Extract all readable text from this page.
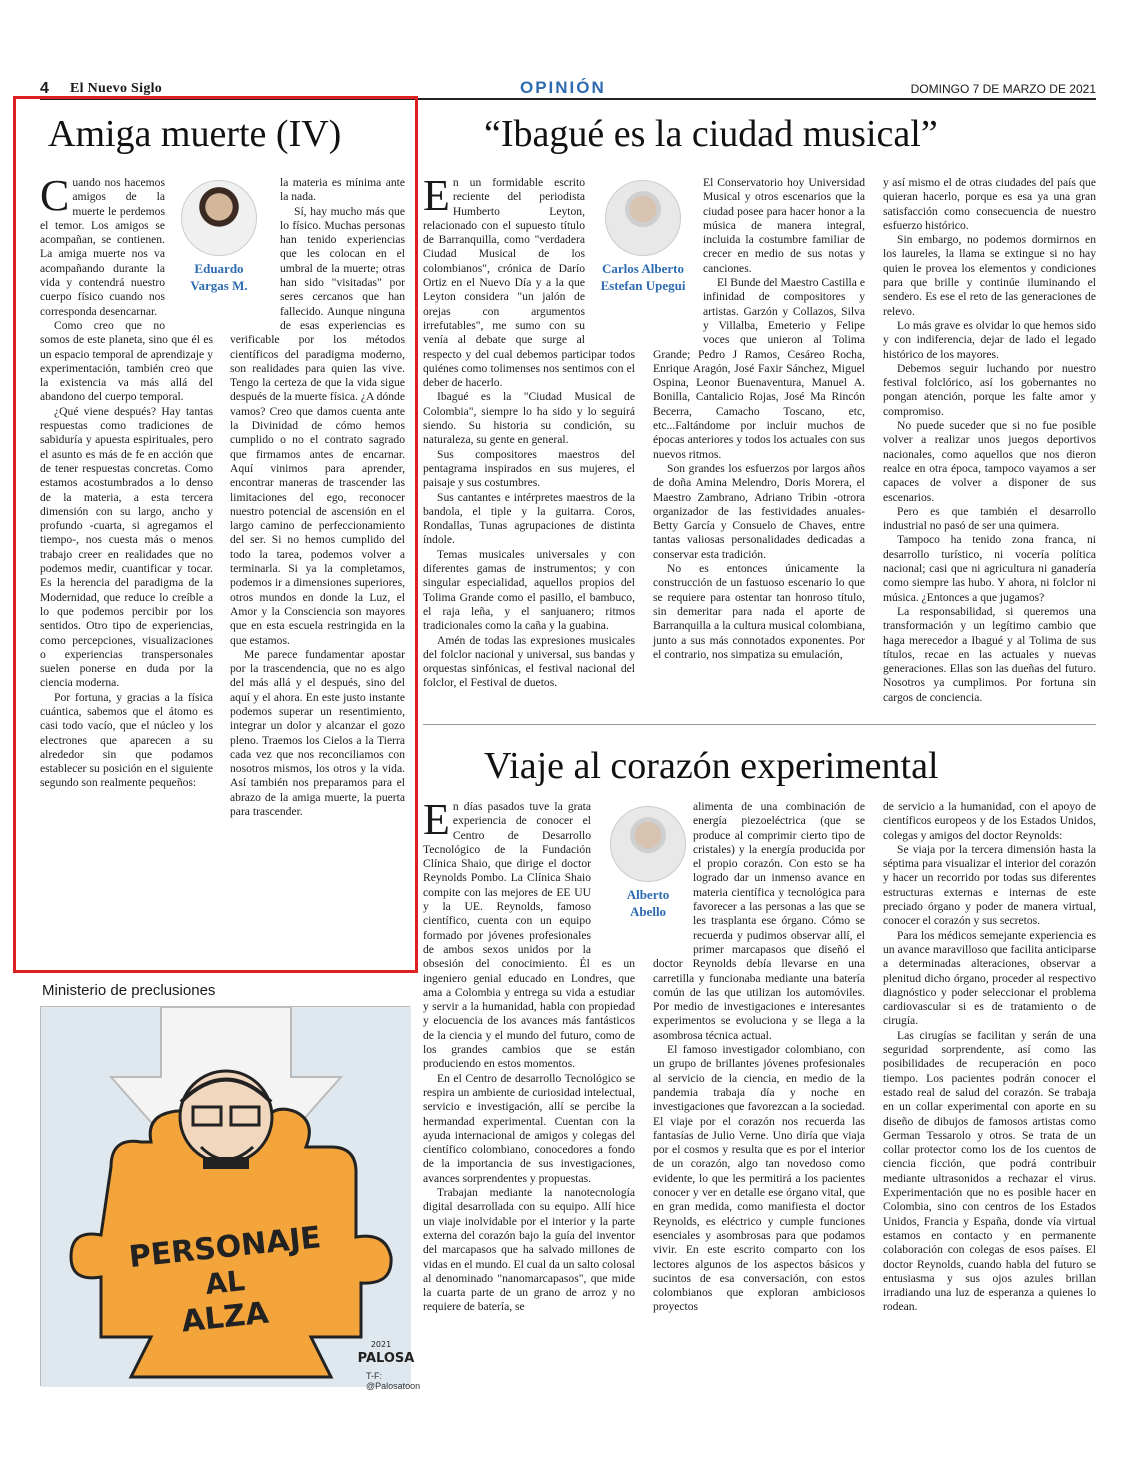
4 El Nuevo Siglo	OPINIÓN	DOMINGO 7 DE MARZO DE 2021
Amiga muerte (IV)
Eduardo Vargas M.

Cuando nos hacemos amigos de la muerte le perdemos el temor. Los amigos se acompañan, se contienen. La amiga muerte nos va acompañando durante la vida y contendrá nuestro cuerpo físico cuando nos corresponda desencarnar.

Como creo que no somos de este planeta, sino que él es un espacio temporal de aprendizaje y experimentación, también creo que la existencia va más allá del abandono del cuerpo temporal.

¿Qué viene después? Hay tantas respuestas como tradiciones de sabiduría y apuesta espirituales, pero el asunto es más de fe en acción que de tener respuestas concretas. Como estamos acostumbrados a lo denso de la materia, a esta tercera dimensión con su largo, ancho y profundo -cuarta, si agregamos el tiempo-, nos cuesta más o menos trabajo creer en realidades que no podemos medir, cuantificar y tocar. Es la herencia del paradigma de la Modernidad, que reduce lo creíble a lo que podemos percibir por los sentidos. Otro tipo de experiencias, como percepciones, visualizaciones o experiencias transpersonales suelen ponerse en duda por la ciencia moderna.

Por fortuna, y gracias a la física cuántica, sabemos que el átomo es casi todo vacío, que el núcleo y los electrones que aparecen a su alrededor sin que podamos establecer su posición en el siguiente segundo son realmente pequeños:

la materia es mínima ante la nada.

Sí, hay mucho más que lo físico. Muchas personas han tenido experiencias que les colocan en el umbral de la muerte; otras han sido "visitadas" por seres cercanos que han fallecido. Aunque ninguna de esas experiencias es verificable por los métodos científicos del paradigma moderno, son realidades para quien las vive. Tengo la certeza de que la vida sigue después de la muerte física. ¿A dónde vamos? Creo que damos cuenta ante la Divinidad de cómo hemos cumplido o no el contrato sagrado que firmamos antes de encarnar. Aquí vinimos para aprender, encontrar maneras de trascender las limitaciones del ego, reconocer nuestro potencial de ascensión en el largo camino de perfeccionamiento del ser. Si no hemos cumplido del todo la tarea, podemos volver a terminarla. Si ya la completamos, podemos ir a dimensiones superiores, otros mundos en donde la Luz, el Amor y la Consciencia son mayores que en esta escuela restringida en la que estamos.

Me parece fundamentar apostar por la trascendencia, que no es algo del más allá y el después, sino del aquí y el ahora. En este justo instante podemos superar un resentimiento, integrar un dolor y alcanzar el gozo pleno. Traemos los Cielos a la Tierra cada vez que nos reconciliamos con nosotros mismos, los otros y la vida. Así también nos preparamos para el abrazo de la amiga muerte, la puerta para trascender.

Ministerio de preclusiones
PERSONAJE
AL
ALZA
2021
PALOSA
T-F: @Palosatoon
“Ibagué es la ciudad musical”
Carlos Alberto Estefan Upegui

En un formidable escrito reciente del periodista Humberto Leyton, relacionado con el supuesto título de Barranquilla, como "verdadera Ciudad Musical de los colombianos", crónica de Darío Ortiz en el Nuevo Día y a la que Leyton considera "un jalón de orejas con argumentos irrefutables", me sumo con su venía al debate que surge al respecto y del cual debemos participar todos quiénes como tolimenses nos sentimos con el deber de hacerlo.

Ibagué es la "Ciudad Musical de Colombia", siempre lo ha sido y lo seguirá siendo. Su historia su condición, su naturaleza, su gente en general.

Sus compositores maestros del pentagrama inspirados en sus mujeres, el paisaje y sus costumbres.

Sus cantantes e intérpretes maestros de la bandola, el tiple y la guitarra. Coros, Rondallas, Tunas agrupaciones de distinta índole.

Temas musicales universales y con diferentes gamas de instrumentos; y con singular especialidad, aquellos propios del Tolima Grande como el pasillo, el bambuco, el raja leña, y el sanjuanero; ritmos tradicionales como la caña y la guabina.

Amén de todas las expresiones musicales del folclor nacional y universal, sus bandas y orquestas sinfónicas, el festival nacional del folclor, el Festival de duetos.

El Conservatorio hoy Universidad Musical y otros escenarios que la ciudad posee para hacer honor a la música de manera integral, incluida la costumbre familiar de crecer en medio de sus notas y canciones.

El Bunde del Maestro Castilla e infinidad de compositores y artistas. Garzón y Collazos, Silva y Villalba, Emeterio y Felipe voces que unieron al Tolima Grande; Pedro J Ramos, Cesáreo Rocha, Enrique Aragón, José Faxir Sánchez, Miguel Ospina, Leonor Buenaventura, Manuel A. Bonilla, Cantalicio Rojas, José Ma Rincón Becerra, Camacho Toscano, etc, etc...Faltándome por incluir muchos de épocas anteriores y todos los actuales con sus nuevos ritmos.

Son grandes los esfuerzos por largos años de doña Amina Melendro, Doris Morera, el Maestro Zambrano, Adriano Tribin -otrora organizador de las festividades anuales- Betty García y Consuelo de Chaves, entre tantas valiosas personalidades dedicadas a conservar esta tradición.

No es entonces únicamente la construcción de un fastuoso escenario lo que se requiere para ostentar tan honroso título, sin demeritar para nada el aporte de Barranquilla a la cultura musical colombiana, junto a sus más connotados exponentes. Por el contrario, nos simpatiza su emulación,

y así mismo el de otras ciudades del país que quieran hacerlo, porque es esa ya una gran satisfacción como consecuencia de nuestro esfuerzo histórico.

Sin embargo, no podemos dormirnos en los laureles, la llama se extingue si no hay quien le provea los elementos y condiciones para que brille y continúe iluminando el sendero. Es ese el reto de las generaciones de relevo.

Lo más grave es olvidar lo que hemos sido y con indiferencia, dejar de lado el legado histórico de los mayores.

Debemos seguir luchando por nuestro festival folclórico, así los gobernantes no pongan atención, porque les falte amor y compromiso.

No puede suceder que si no fue posible volver a realizar unos juegos deportivos nacionales, como aquellos que nos dieron realce en otra época, tampoco vayamos a ser capaces de volver a disponer de sus escenarios.

Pero es que también el desarrollo industrial no pasó de ser una quimera.

Tampoco ha tenido zona franca, ni desarrollo turístico, ni vocería política nacional; casi que ni agricultura ni ganadería como siempre las hubo. Y ahora, ni folclor ni música. ¿Entonces a que jugamos?

La responsabilidad, si queremos una transformación y un legítimo cambio que haga merecedor a Ibagué y al Tolima de sus títulos, recae en las actuales y nuevas generaciones. Ellas son las dueñas del futuro. Nosotros ya cumplimos. Por fortuna sin cargos de conciencia.

Viaje al corazón experimental
Alberto Abello

En días pasados tuve la grata experiencia de conocer el Centro de Desarrollo Tecnológico de la Fundación Clínica Shaio, que dirige el doctor Reynolds Pombo. La Clínica Shaio compite con las mejores de EE UU y la UE. Reynolds, famoso científico, cuenta con un equipo formado por jóvenes profesionales de ambos sexos unidos por la obsesión del conocimiento. Él es un ingeniero genial educado en Londres, que ama a Colombia y entrega su vida a estudiar y servir a la humanidad, habla con propiedad y elocuencia de los avances más fantásticos de la ciencia y el mundo del futuro, como de los grandes cambios que se están produciendo en estos momentos.

En el Centro de desarrollo Tecnológico se respira un ambiente de curiosidad intelectual, servicio e investigación, allí se percibe la hermandad experimental. Cuentan con la ayuda internacional de amigos y colegas del científico colombiano, conocedores a fondo de la importancia de sus investigaciones, avances sorprendentes y propuestas.

Trabajan mediante la nanotecnología digital desarrollada con su equipo. Allí hice un viaje inolvidable por el interior y la parte externa del corazón bajo la guía del inventor del marcapasos que ha salvado millones de vidas en el mundo. El cual da un salto colosal al denominado "nanomarcapasos", que mide la cuarta parte de un grano de arroz y no requiere de batería, se

alimenta de una combinación de energía piezoeléctrica (que se produce al comprimir cierto tipo de cristales) y la energía producida por el propio corazón. Con esto se ha logrado dar un inmenso avance en materia científica y tecnológica para favorecer a las personas a las que se les trasplanta ese órgano. Cómo se recuerda y pudimos observar allí, el primer marcapasos que diseñó el doctor Reynolds debía llevarse en una carretilla y funcionaba mediante una batería común de las que utilizan los automóviles. Por medio de investigaciones e interesantes experimentos se evoluciona y se llega a la asombrosa técnica actual.

El famoso investigador colombiano, con un grupo de brillantes jóvenes profesionales al servicio de la ciencia, en medio de la pandemia trabaja día y noche en investigaciones que favorezcan a la sociedad. El viaje por el corazón nos recuerda las fantasías de Julio Verne. Uno diría que viaja por el cosmos y resulta que es por el interior de un corazón, algo tan novedoso como evidente, lo que les permitirá a los pacientes conocer y ver en detalle ese órgano vital, que en gran medida, como manifiesta el doctor Reynolds, es eléctrico y cumple funciones esenciales y asombrosas para que podamos vivir. En este escrito comparto con los lectores algunos de los aspectos básicos y sucintos de esa conversación, con estos colombianos que exploran ambiciosos proyectos

de servicio a la humanidad, con el apoyo de científicos europeos y de los Estados Unidos, colegas y amigos del doctor Reynolds:

Se viaja por la tercera dimensión hasta la séptima para visualizar el interior del corazón y hacer un recorrido por todas sus diferentes estructuras externas e internas de este preciado órgano y poder de manera virtual, conocer el corazón y sus secretos.

Para los médicos semejante experiencia es un avance maravilloso que facilita anticiparse a determinadas alteraciones, observar a plenitud dicho órgano, proceder al respectivo diagnóstico y poder seleccionar el problema cardiovascular si es de tratamiento o de cirugía.

Las cirugías se facilitan y serán de una seguridad sorprendente, así como las posibilidades de recuperación en poco tiempo. Los pacientes podrán conocer el estado real de salud del corazón. Se trabaja en un collar experimental con aporte en su diseño de dibujos de famosos artistas como German Tessarolo y otros. Se trata de un collar protector como los de los cuentos de ciencia ficción, que podrá contribuir mediante ultrasonidos a rechazar el virus. Experimentación que no es posible hacer en Colombia, sino con centros de los Estados Unidos, Francia y España, donde vía virtual estamos en contacto y en permanente colaboración con colegas de esos países. El doctor Reynolds, cuando habla del futuro se entusiasma y sus ojos azules brillan irradiando una luz de esperanza a quienes lo rodean.
